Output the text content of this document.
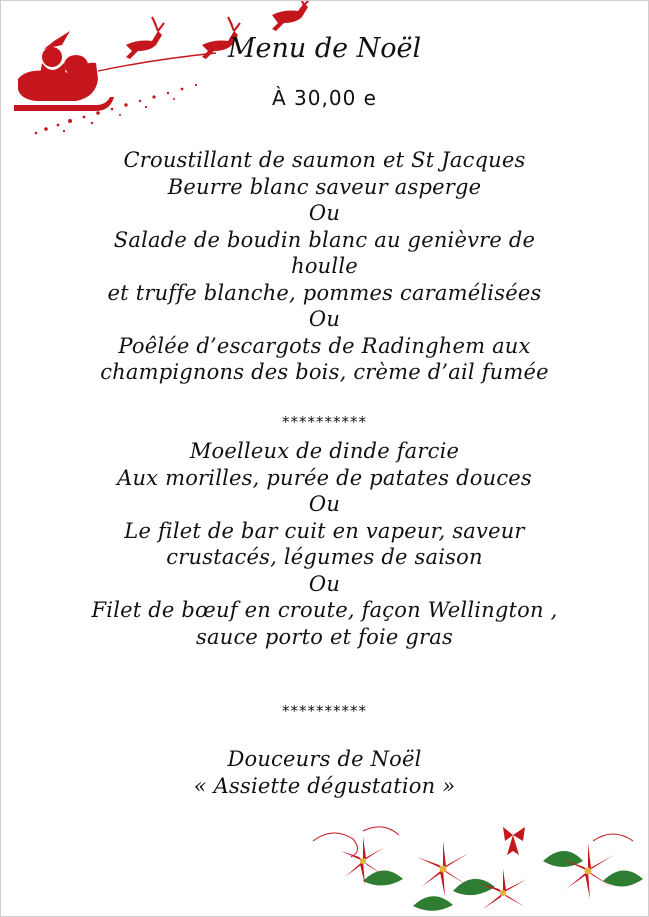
Menu de Noël
À 30,00 e
Croustillant de saumon et St Jacques
Beurre blanc saveur asperge
Ou
Salade de boudin blanc au genièvre de
houlle
et truffe blanche, pommes caramélisées
Ou
Poêlée d’escargots de Radinghem aux
champignons des bois, crème d’ail fumée
**********
Moelleux de dinde farcie
Aux morilles, purée de patates douces
Ou
Le filet de bar cuit en vapeur, saveur
crustacés, légumes de saison
Ou
Filet de bœuf en croute, façon Wellington ,
sauce porto et foie gras
**********
Douceurs de Noël
« Assiette dégustation »
